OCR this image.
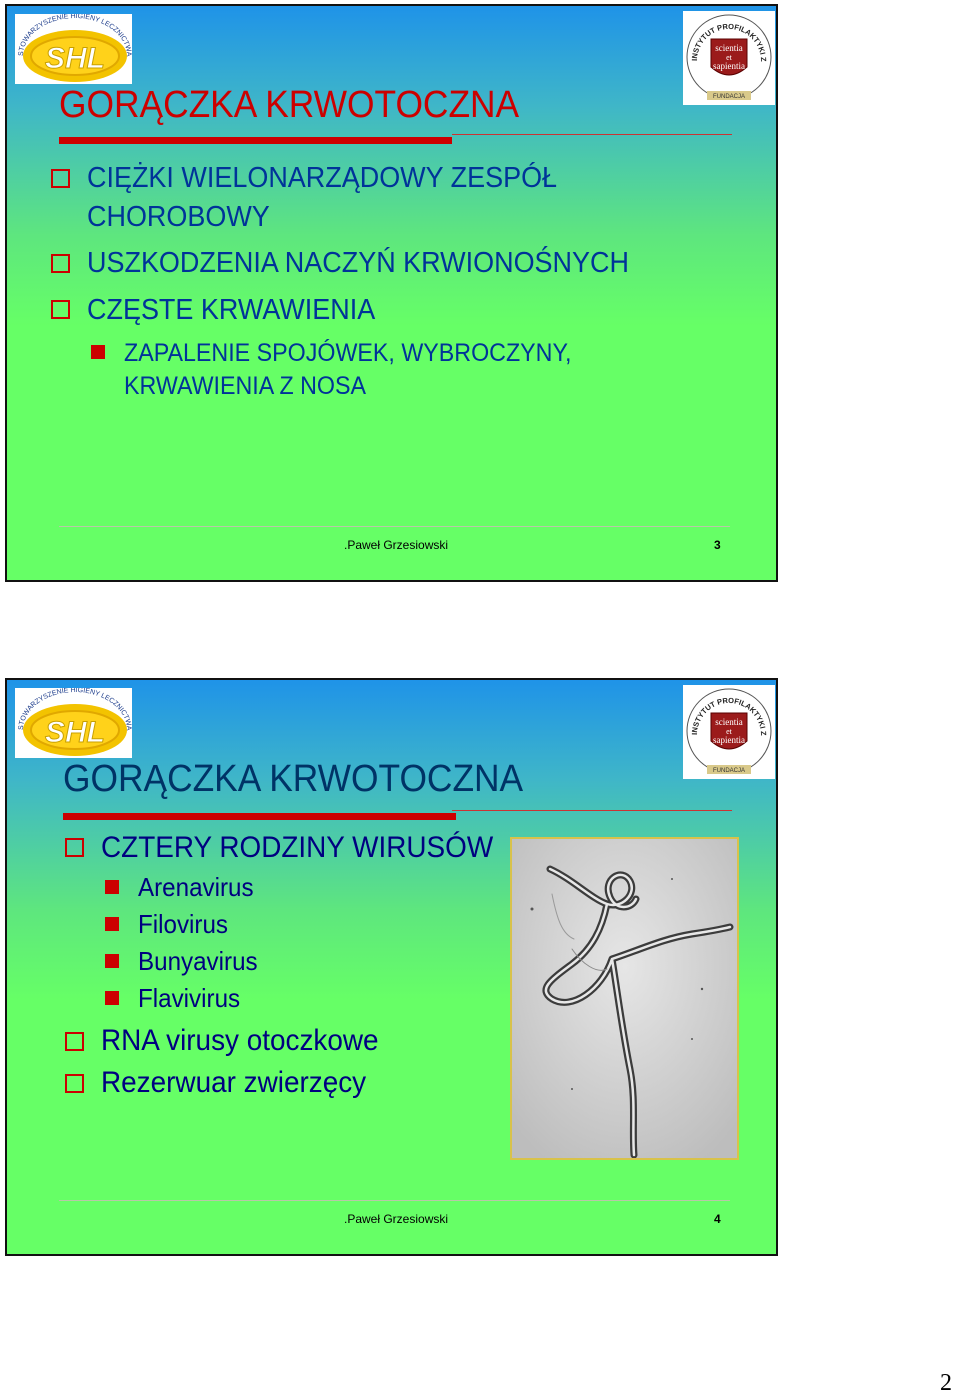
STOWARZYSZENIE HIGIENY LECZNICTWA
SHL	INSTYTUT PROFILAKTYKI Z
scientia
et
sapientia
FUNDACJA
GORĄCZKA KRWOTOCZNA
CIĘŻKI WIELONARZĄDOWY ZESPÓŁ
CHOROBOWY
USZKODZENIA NACZYŃ KRWIONOŚNYCH
CZĘSTE KRWAWIENIA
ZAPALENIE SPOJÓWEK, WYBROCZYNY,
KRWAWIENIA Z NOSA
.Paweł Grzesiowski	3
STOWARZYSZENIE HIGIENY LECZNICTWA
SHL	INSTYTUT PROFILAKTYKI Z
scientia
et
sapientia
FUNDACJA
GORĄCZKA KRWOTOCZNA
CZTERY RODZINY WIRUSÓW
Arenavirus
Filovirus
Bunyavirus
Flavivirus
RNA virusy otoczkowe
Rezerwuar zwierzęcy
.Paweł Grzesiowski	4
2
